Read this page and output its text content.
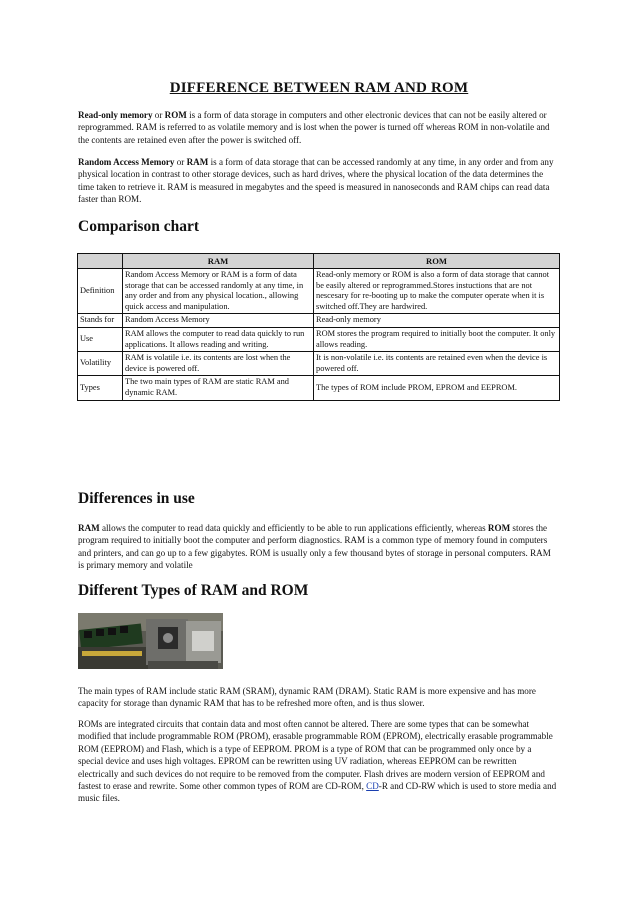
DIFFERENCE BETWEEN RAM AND ROM

Read-only memory or ROM is a form of data storage in computers and other electronic devices that can not be easily altered or reprogrammed. RAM is referred to as volatile memory and is lost when the power is turned off whereas ROM in non-volatile and the contents are retained even after the power is switched off.

Random Access Memory or RAM is a form of data storage that can be accessed randomly at any time, in any order and from any physical location in contrast to other storage devices, such as hard drives, where the physical location of the data determines the time taken to retrieve it. RAM is measured in megabytes and the speed is measured in nanoseconds and RAM chips can read data faster than ROM.

Comparison chart
	RAM	ROM
Definition	Random Access Memory or RAM is a form of data storage that can be accessed randomly at any time, in any order and from any physical location., allowing quick access and manipulation.	Read-only memory or ROM is also a form of data storage that cannot be easily altered or reprogrammed.Stores instuctions that are not nescesary for re-booting up to make the computer operate when it is switched off.They are hardwired.
Stands for	Random Access Memory	Read-only memory
Use	RAM allows the computer to read data quickly to run applications. It allows reading and writing.	ROM stores the program required to initially boot the computer. It only allows reading.
Volatility	RAM is volatile i.e. its contents are lost when the device is powered off.	It is non-volatile i.e. its contents are retained even when the device is powered off.
Types	The two main types of RAM are static RAM and dynamic RAM.	The types of ROM include PROM, EPROM and EEPROM.
Differences in use

RAM allows the computer to read data quickly and efficiently to be able to run applications efficiently, whereas ROM stores the program required to initially boot the computer and perform diagnostics. RAM is a common type of memory found in computers and printers, and can go up to a few gigabytes. ROM is usually only a few thousand bytes of storage in personal computers. RAM is primary memory and volatile

Different Types of RAM and ROM

The main types of RAM include static RAM (SRAM), dynamic RAM (DRAM). Static RAM is more expensive and has more capacity for storage than dynamic RAM that has to be refreshed more often, and is thus slower.

ROMs are integrated circuits that contain data and most often cannot be altered. There are some types that can be somewhat modified that include programmable ROM (PROM), erasable programmable ROM (EPROM), electrically erasable programmable ROM (EEPROM) and Flash, which is a type of EEPROM. PROM is a type of ROM that can be programmed only once by a special device and uses high voltages. EPROM can be rewritten using UV radiation, whereas EEPROM can be rewritten electrically and such devices do not require to be removed from the computer. Flash drives are modern version of EEPROM and fastest to erase and rewrite. Some other common types of ROM are CD-ROM, CD-R and CD-RW which is used to store media and music files.
